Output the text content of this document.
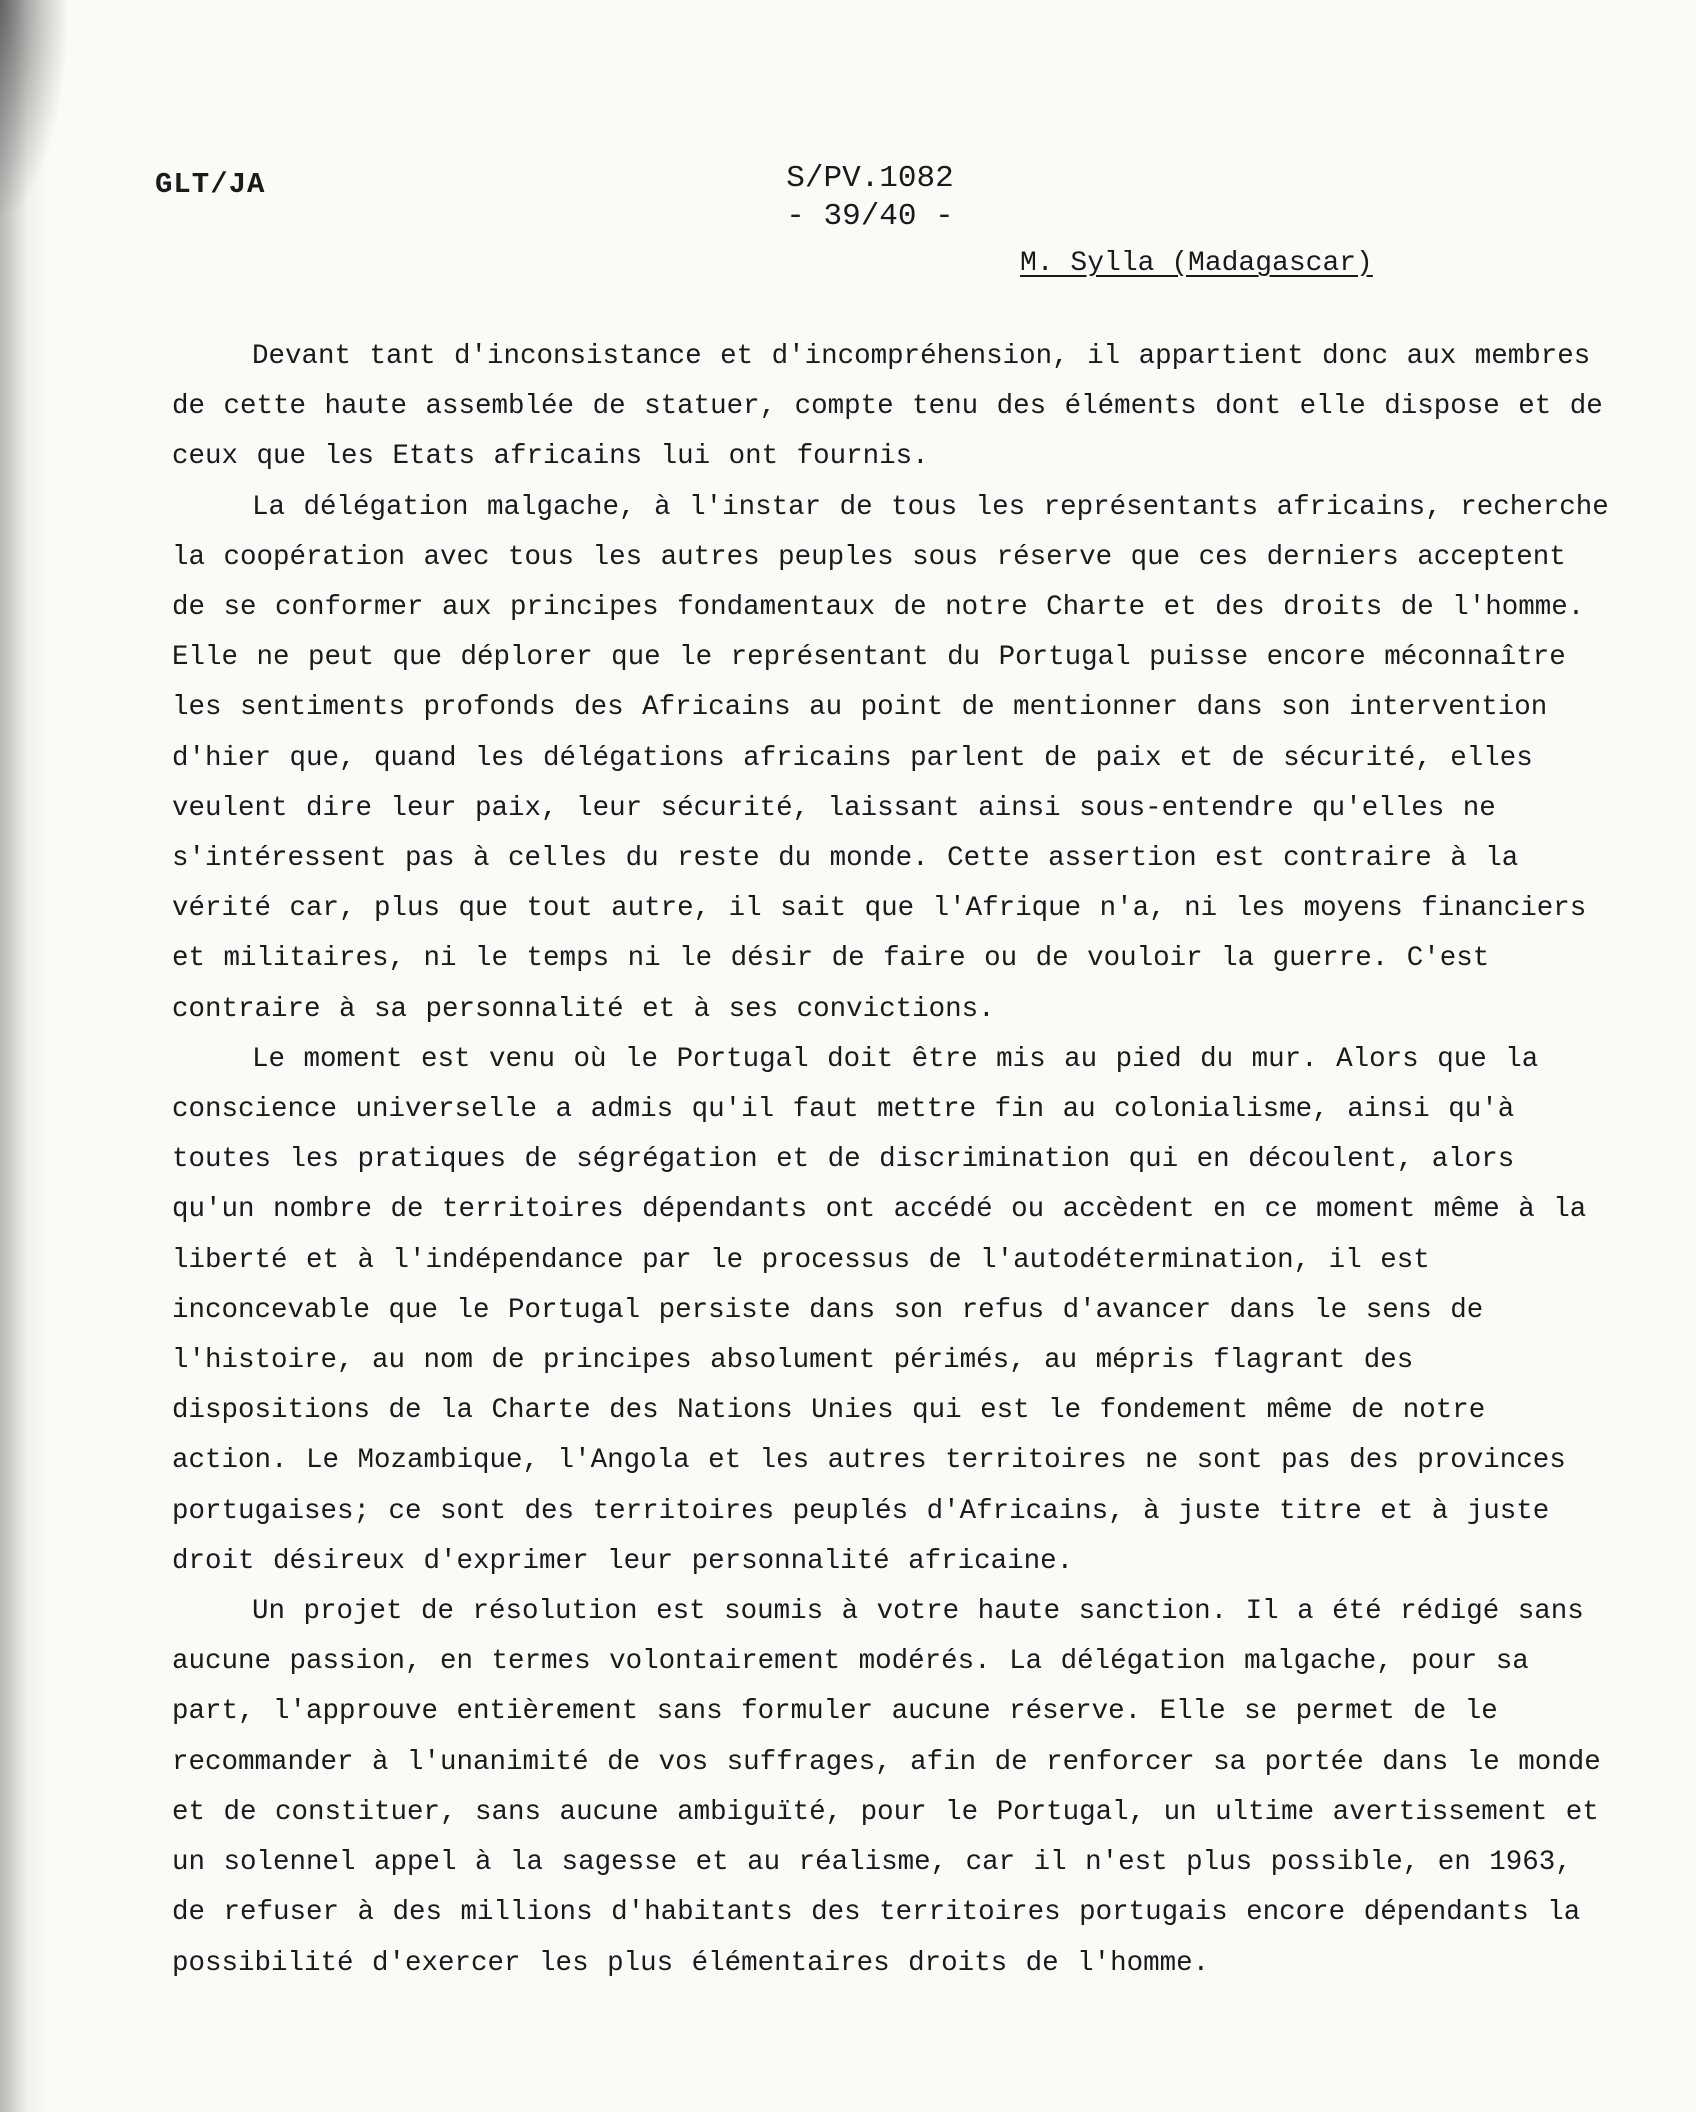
GLT/JA	S/PV.1082
- 39/40 -
M. Sylla (Madagascar)

Devant tant d'inconsistance et d'incompréhension, il appartient donc aux membres de cette haute assemblée de statuer, compte tenu des éléments dont elle dispose et de ceux que les Etats africains lui ont fournis.

La délégation malgache, à l'instar de tous les représentants africains, recherche la coopération avec tous les autres peuples sous réserve que ces derniers acceptent de se conformer aux principes fondamentaux de notre Charte et des droits de l'homme. Elle ne peut que déplorer que le représentant du Portugal puisse encore méconnaître les sentiments profonds des Africains au point de mentionner dans son intervention d'hier que, quand les délégations africains parlent de paix et de sécurité, elles veulent dire leur paix, leur sécurité, laissant ainsi sous-entendre qu'elles ne s'intéressent pas à celles du reste du monde. Cette assertion est contraire à la vérité car, plus que tout autre, il sait que l'Afrique n'a, ni les moyens financiers et militaires, ni le temps ni le désir de faire ou de vouloir la guerre. C'est contraire à sa personnalité et à ses convictions.

Le moment est venu où le Portugal doit être mis au pied du mur. Alors que la conscience universelle a admis qu'il faut mettre fin au colonialisme, ainsi qu'à toutes les pratiques de ségrégation et de discrimination qui en découlent, alors qu'un nombre de territoires dépendants ont accédé ou accèdent en ce moment même à la liberté et à l'indépendance par le processus de l'autodétermination, il est inconcevable que le Portugal persiste dans son refus d'avancer dans le sens de l'histoire, au nom de principes absolument périmés, au mépris flagrant des dispositions de la Charte des Nations Unies qui est le fondement même de notre action. Le Mozambique, l'Angola et les autres territoires ne sont pas des provinces portugaises; ce sont des territoires peuplés d'Africains, à juste titre et à juste droit désireux d'exprimer leur personnalité africaine.

Un projet de résolution est soumis à votre haute sanction. Il a été rédigé sans aucune passion, en termes volontairement modérés. La délégation malgache, pour sa part, l'approuve entièrement sans formuler aucune réserve. Elle se permet de le recommander à l'unanimité de vos suffrages, afin de renforcer sa portée dans le monde et de constituer, sans aucune ambiguïté, pour le Portugal, un ultime avertissement et un solennel appel à la sagesse et au réalisme, car il n'est plus possible, en 1963, de refuser à des millions d'habitants des territoires portugais encore dépendants la possibilité d'exercer les plus élémentaires droits de l'homme.
